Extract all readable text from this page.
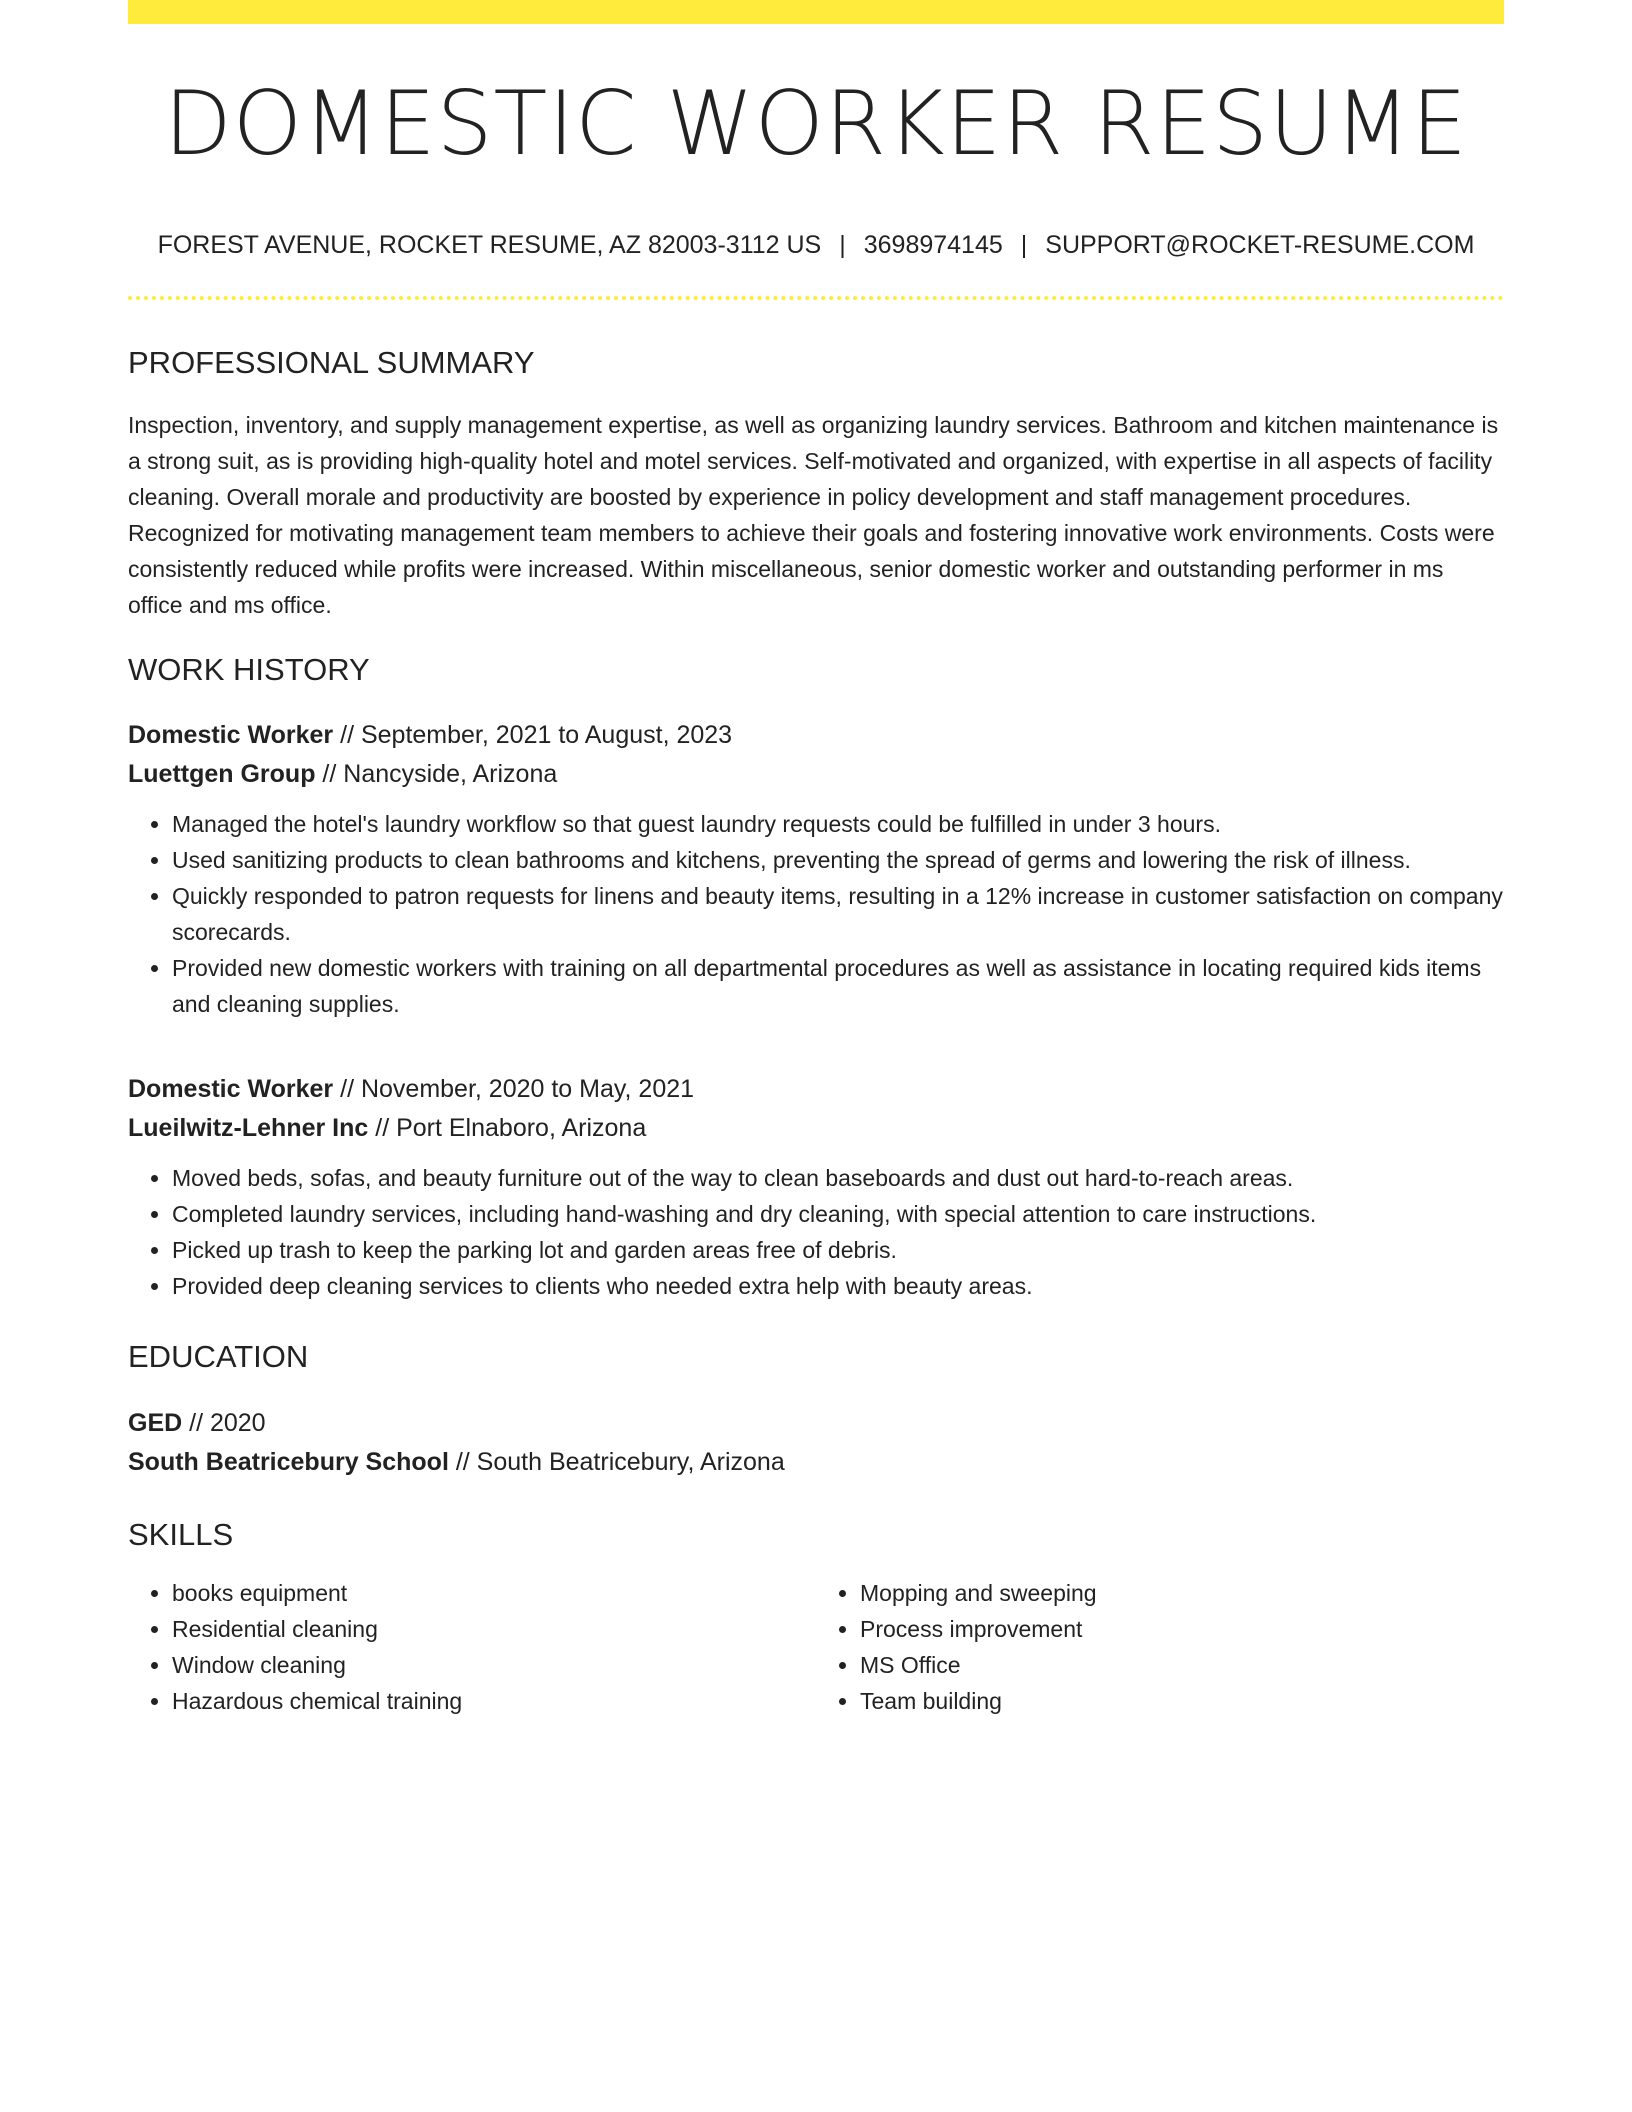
DOMESTIC WORKER RESUME
FOREST AVENUE, ROCKET RESUME, AZ 82003-3112 US | 3698974145 | SUPPORT@ROCKET-RESUME.COM
PROFESSIONAL SUMMARY

Inspection, inventory, and supply management expertise, as well as organizing laundry services. Bathroom and kitchen maintenance is a strong suit, as is providing high-quality hotel and motel services. Self-motivated and organized, with expertise in all aspects of facility cleaning. Overall morale and productivity are boosted by experience in policy development and staff management procedures. Recognized for motivating management team members to achieve their goals and fostering innovative work environments. Costs were consistently reduced while profits were increased. Within miscellaneous, senior domestic worker and outstanding performer in ms office and ms office.

WORK HISTORY
Domestic Worker // September, 2021 to August, 2023
Luettgen Group // Nancyside, Arizona
• Managed the hotel's laundry workflow so that guest laundry requests could be fulfilled in under 3 hours.
• Used sanitizing products to clean bathrooms and kitchens, preventing the spread of germs and lowering the risk of illness.
• Quickly responded to patron requests for linens and beauty items, resulting in a 12% increase in customer satisfaction on company scorecards.
• Provided new domestic workers with training on all departmental procedures as well as assistance in locating required kids items and cleaning supplies.
Domestic Worker // November, 2020 to May, 2021
Lueilwitz-Lehner Inc // Port Elnaboro, Arizona
• Moved beds, sofas, and beauty furniture out of the way to clean baseboards and dust out hard-to-reach areas.
• Completed laundry services, including hand-washing and dry cleaning, with special attention to care instructions.
• Picked up trash to keep the parking lot and garden areas free of debris.
• Provided deep cleaning services to clients who needed extra help with beauty areas.
EDUCATION
GED // 2020
South Beatricebury School // South Beatricebury, Arizona
SKILLS
• books equipment
• Residential cleaning
• Window cleaning
• Hazardous chemical training
• Mopping and sweeping
• Process improvement
• MS Office
• Team building
